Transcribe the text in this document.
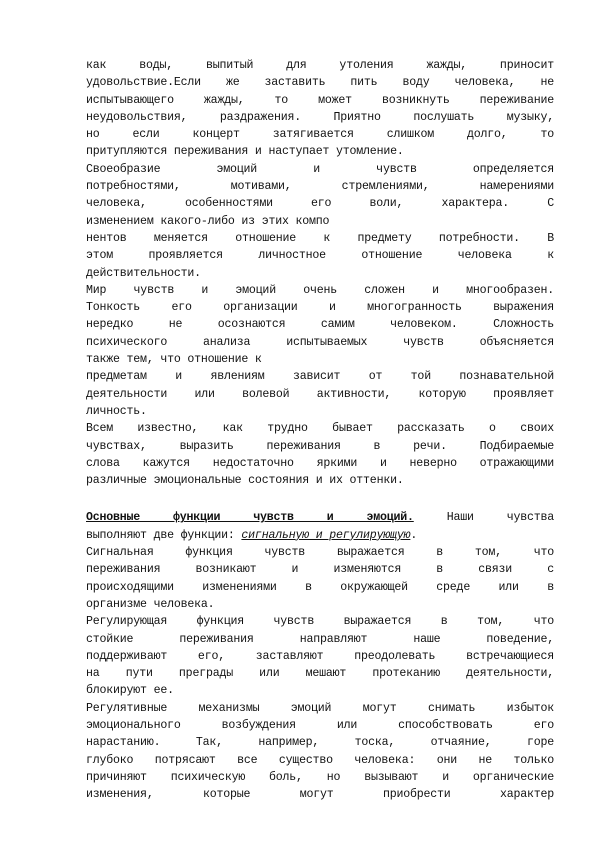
как воды, выпитый для утоления жажды, приносит
удовольствие.Если же заставить пить воду человека, не
испытывающего жажды, то может возникнуть переживание
неудовольствия, раздражения. Приятно послушать музыку,
но если концерт затягивается слишком долго, то
притупляются переживания и наступает утомление.
Своеобразие эмоций и чувств определяется
потребностями, мотивами, стремлениями, намерениями
человека, особенностями его воли, характера. С
изменением какого-либо из этих компо
нентов меняется отношение к предмету потребности. В
этом проявляется личностное отношение человека к
действительности.
Мир чувств и эмоций очень сложен и многообразен.
Тонкость его организации и многогранность выражения
нередко не осознаются самим человеком. Сложность
психического анализа испытываемых чувств объясняется
также тем, что отношение к
предметам и явлениям зависит от той познавательной
деятельности или волевой активности, которую проявляет
личность.
Всем известно, как трудно бывает рассказать о своих
чувствах, выразить переживания в речи. Подбираемые
слова кажутся недостаточно яркими и неверно отражающими
различные эмоциональные состояния и их оттенки.
Основные функции чувств и эмоций. Наши чувства
выполняют две функции: сигнальную и регулирующую.
Сигнальная функция чувств выражается в том, что
переживания возникают и изменяются в связи с
происходящими изменениями в окружающей среде или в
организме человека.
Регулирующая функция чувств выражается в том, что
стойкие переживания направляют наше поведение,
поддерживают его, заставляют преодолевать встречающиеся
на пути преграды или мешают протеканию деятельности,
блокируют ее.
Регулятивные механизмы эмоций могут снимать избыток
эмоционального возбуждения или способствовать его
нарастанию. Так, например, тоска, отчаяние, горе
глубоко потрясают все существо человека: они не только
причиняют психическую боль, но вызывают и органические
изменения, которые могут приобрести характер
